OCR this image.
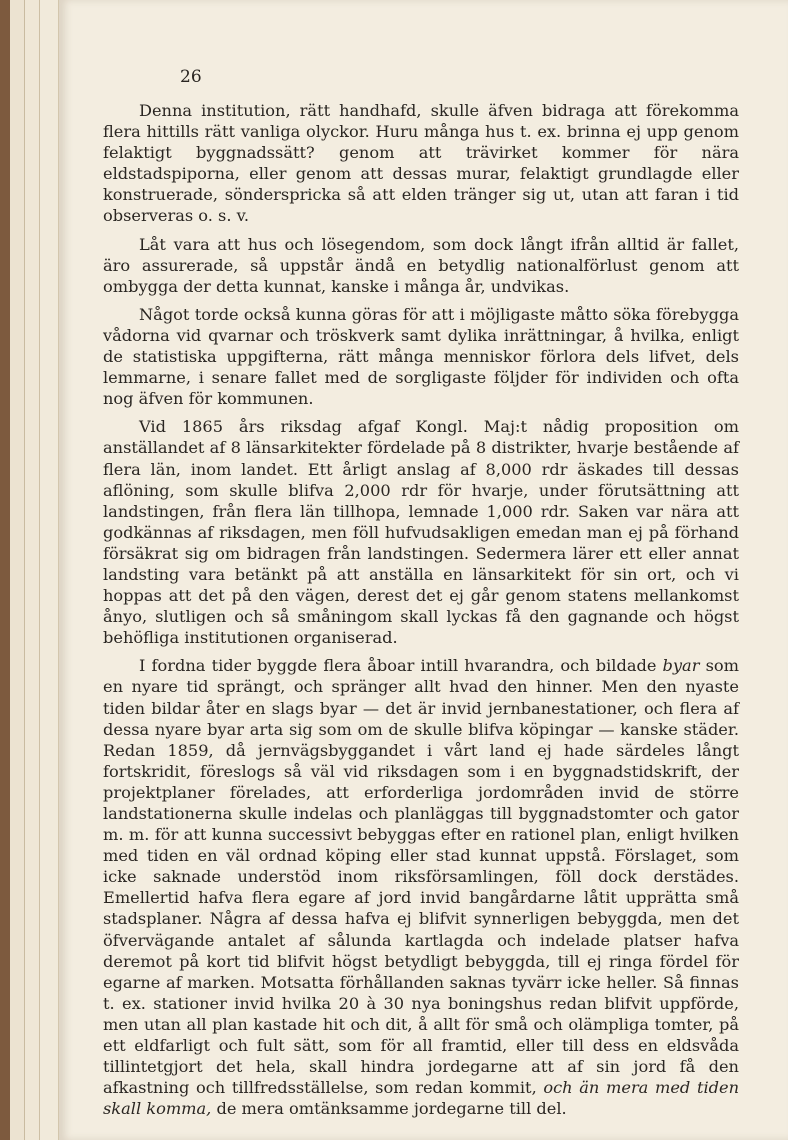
26

Denna institution, rätt handhafd, skulle äfven bidraga att förekomma flera hittills rätt vanliga olyckor. Huru många hus t. ex. brinna ej upp genom felaktigt byggnadssätt? genom att trävirket kommer för nära eldstadspiporna, eller genom att dessas murar, felaktigt grundlagde eller konstruerade, sönderspricka så att elden tränger sig ut, utan att faran i tid observeras o. s. v.

Låt vara att hus och lösegendom, som dock långt ifrån alltid är fallet, äro assurerade, så uppstår ändå en betydlig nationalförlust genom att ombygga der detta kunnat, kanske i många år, undvikas.

Något torde också kunna göras för att i möjligaste måtto söka förebygga vådorna vid qvarnar och tröskverk samt dylika inrättningar, å hvilka, enligt de statistiska uppgifterna, rätt många menniskor förlora dels lifvet, dels lemmarne, i senare fallet med de sorgligaste följder för individen och ofta nog äfven för kommunen.

Vid 1865 års riksdag afgaf Kongl. Maj:t nådig proposition om anställandet af 8 länsarkitekter fördelade på 8 distrikter, hvarje bestående af flera län, inom landet. Ett årligt anslag af 8,000 rdr äskades till dessas aflöning, som skulle blifva 2,000 rdr för hvarje, under förutsättning att landstingen, från flera län tillhopa, lemnade 1,000 rdr. Saken var nära att godkännas af riksdagen, men föll hufvudsakligen emedan man ej på förhand försäkrat sig om bidragen från landstingen. Sedermera lärer ett eller annat landsting vara betänkt på att anställa en länsarkitekt för sin ort, och vi hoppas att det på den vägen, derest det ej går genom statens mellankomst ånyo, slutligen och så småningom skall lyckas få den gagnande och högst behöfliga institutionen organiserad.

I fordna tider byggde flera åboar intill hvarandra, och bildade byar som en nyare tid sprängt, och spränger allt hvad den hinner. Men den nyaste tiden bildar åter en slags byar — det är invid jernbanestationer, och flera af dessa nyare byar arta sig som om de skulle blifva köpingar — kanske städer. Redan 1859, då jernvägsbyggandet i vårt land ej hade särdeles långt fortskridit, föreslogs så väl vid riksdagen som i en byggnadstidskrift, der projektplaner förelades, att erforderliga jordområden invid de större landstationerna skulle indelas och planläggas till byggnadstomter och gator m. m. för att kunna successivt bebyggas efter en rationel plan, enligt hvilken med tiden en väl ordnad köping eller stad kunnat uppstå. Förslaget, som icke saknade understöd inom riksförsamlingen, föll dock derstädes. Emellertid hafva flera egare af jord invid bangårdarne låtit upprätta små stadsplaner. Några af dessa hafva ej blifvit synnerligen bebyggda, men det öfvervägande antalet af sålunda kartlagda och indelade platser hafva deremot på kort tid blifvit högst betydligt bebyggda, till ej ringa fördel för egarne af marken. Motsatta förhållanden saknas tyvärr icke heller. Så finnas t. ex. stationer invid hvilka 20 à 30 nya boningshus redan blifvit uppförde, men utan all plan kastade hit och dit, å allt för små och olämpliga tomter, på ett eldfarligt och fult sätt, som för all framtid, eller till dess en eldsvåda tillintetgjort det hela, skall hindra jordegarne att af sin jord få den afkastning och tillfredsställelse, som redan kommit, och än mera med tiden skall komma, de mera omtänksamme jordegarne till del.
